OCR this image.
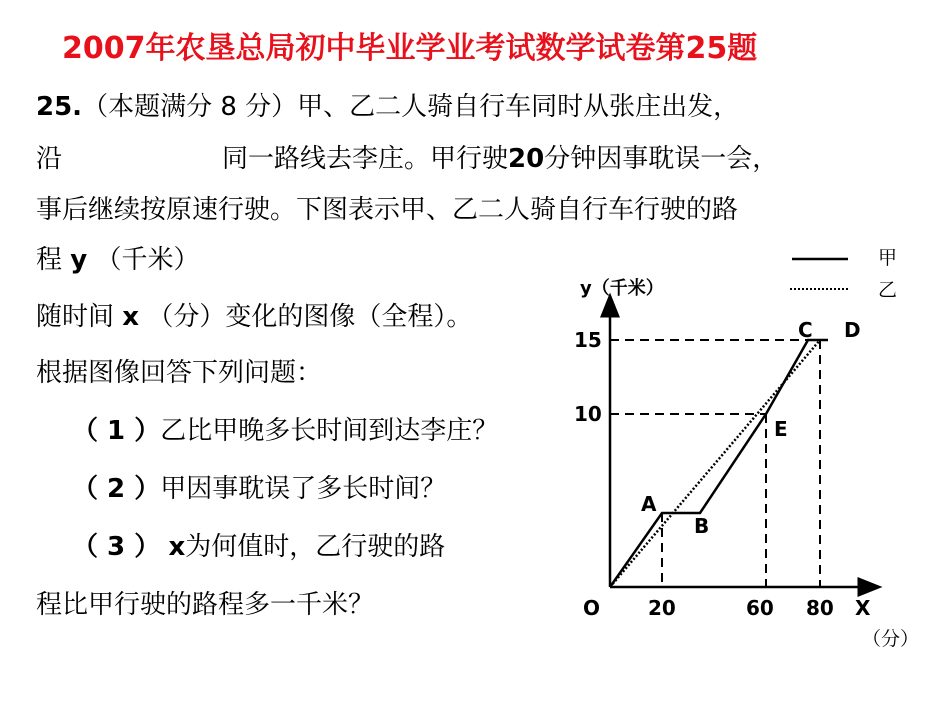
2007年农垦总局初中毕业学业考试数学试卷第25题
25.（本题满分 8 分）甲、乙二人骑自行车同时从张庄出发，
沿	同一路线去李庄。甲行驶20分钟因事耽误一会，
事后继续按原速行驶。下图表示甲、乙二人骑自行车行驶的路
程 y （千米）
随时间 x （分）变化的图像（全程）。
根据图像回答下列问题：
（ 1 ）乙比甲晚多长时间到达李庄？
（ 2 ）甲因事耽误了多长时间？
（ 3 ） x为何值时，乙行驶的路
程比甲行驶的路程多一千米？
甲
乙
y（千米）
X
（分）
O 20	60 80
15
10
A
B
C D
E
